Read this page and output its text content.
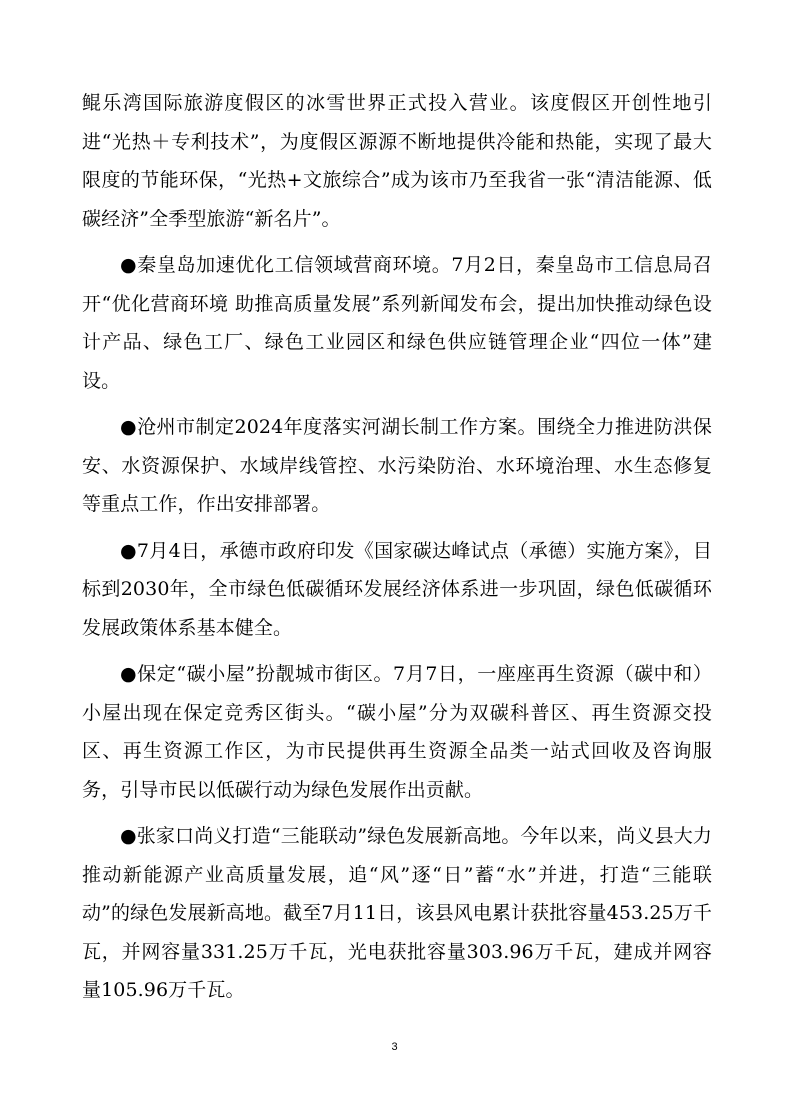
鲲乐湾国际旅游度假区的冰雪世界正式投入营业。该度假区开创性地引进“光热＋专利技术”，为度假区源源不断地提供冷能和热能，实现了最大限度的节能环保，“光热+文旅综合”成为该市乃至我省一张“清洁能源、低碳经济”全季型旅游“新名片”。

●秦皇岛加速优化工信领域营商环境。7月2日，秦皇岛市工信息局召开“优化营商环境 助推高质量发展”系列新闻发布会，提出加快推动绿色设计产品、绿色工厂、绿色工业园区和绿色供应链管理企业“四位一体”建设。

●沧州市制定2024年度落实河湖长制工作方案。围绕全力推进防洪保安、水资源保护、水域岸线管控、水污染防治、水环境治理、水生态修复等重点工作，作出安排部署。

●7月4日，承德市政府印发《国家碳达峰试点（承德）实施方案》，目标到2030年，全市绿色低碳循环发展经济体系进一步巩固，绿色低碳循环发展政策体系基本健全。

●保定“碳小屋”扮靓城市街区。7月7日，一座座再生资源（碳中和）小屋出现在保定竞秀区街头。“碳小屋”分为双碳科普区、再生资源交投区、再生资源工作区，为市民提供再生资源全品类一站式回收及咨询服务，引导市民以低碳行动为绿色发展作出贡献。

●张家口尚义打造“三能联动”绿色发展新高地。今年以来，尚义县大力推动新能源产业高质量发展，追“风”逐“日”蓄“水”并进，打造“三能联动”的绿色发展新高地。截至7月11日，该县风电累计获批容量453.25万千瓦，并网容量331.25万千瓦，光电获批容量303.96万千瓦，建成并网容量105.96万千瓦。

3
